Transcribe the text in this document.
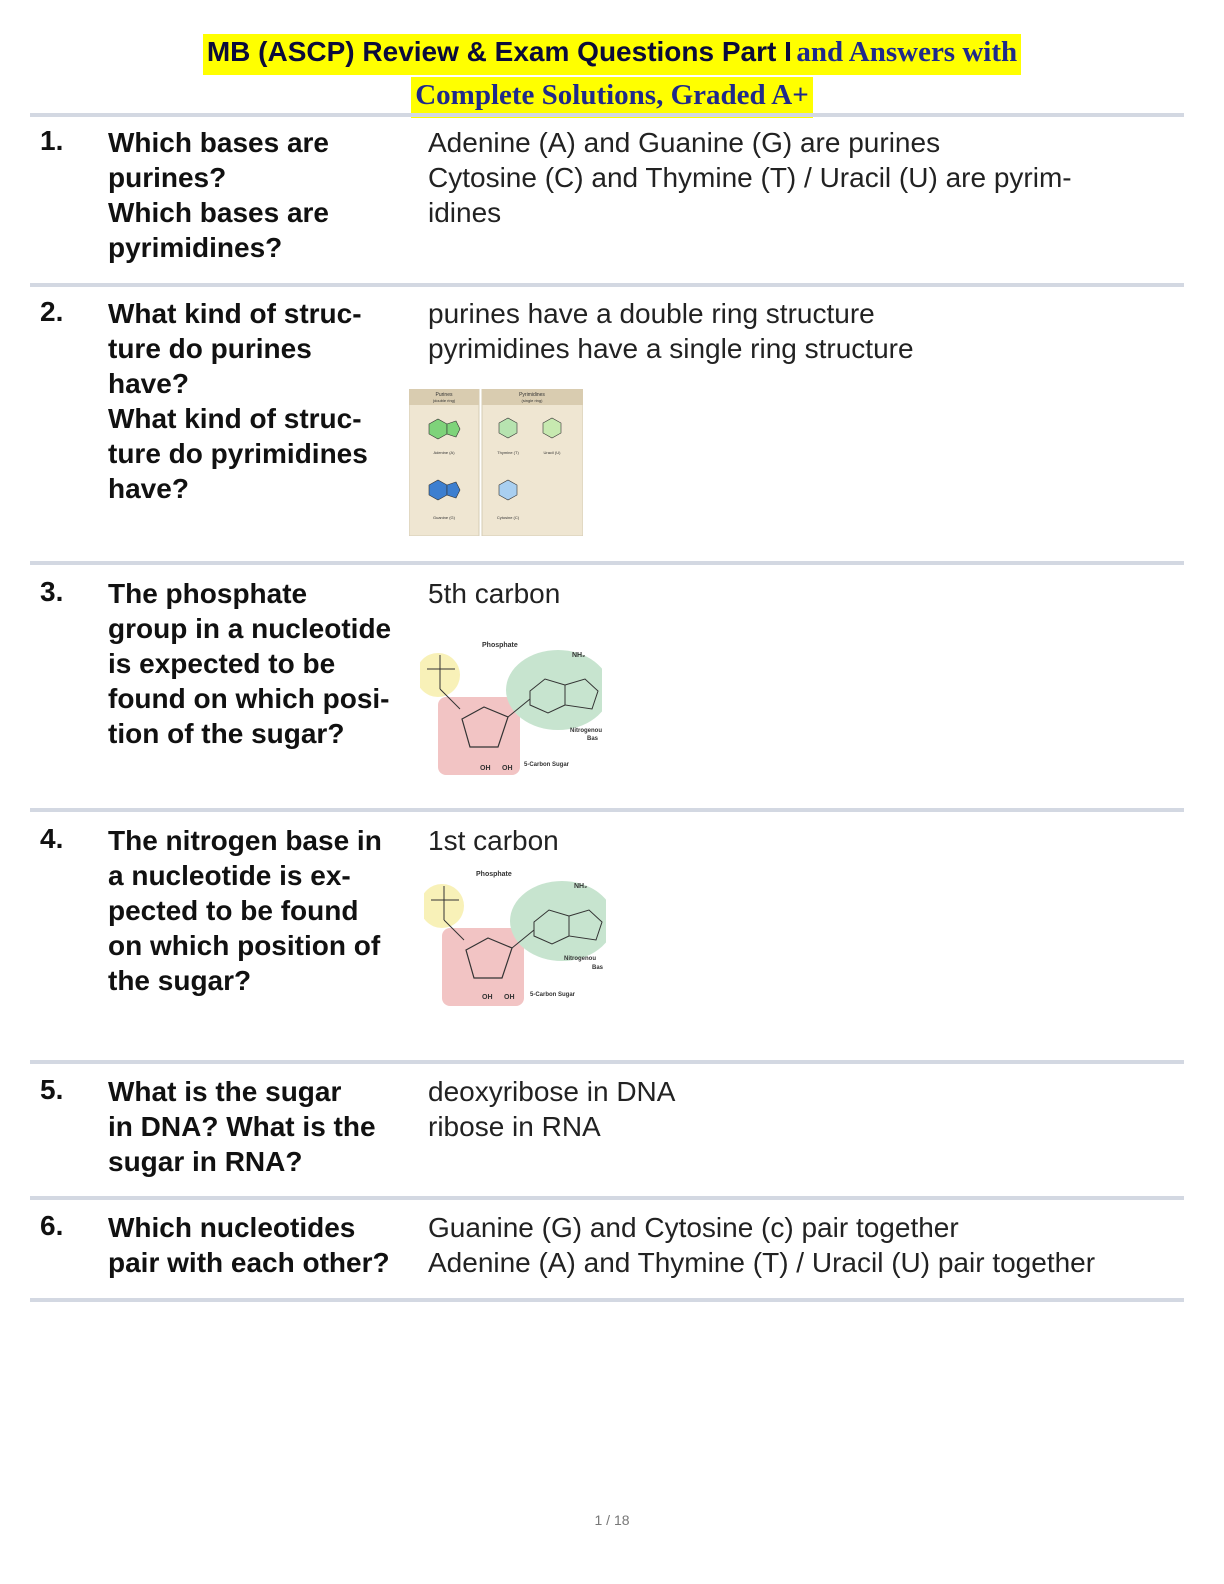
MB (ASCP) Review & Exam Questions Part I and Answers with
Complete Solutions, Graded A+
1. Which bases are
purines?
Which bases are
pyrimidines?
Adenine (A) and Guanine (G) are purines
Cytosine (C) and Thymine (T) / Uracil (U) are pyrim-
idines
2. What kind of struc-
ture do purines
have?
What kind of struc-
ture do pyrimidines
have?
purines have a double ring structure
pyrimidines have a single ring structure
Purines
(double ring)
Pyrimidines
(single ring)
Adenine (A)
Guanine (G)
Thymine (T)	Uracil (U)
Cytosine (C)
3. The phosphate
group in a nucleotide
is expected to be
found on which posi-
tion of the sugar?
5th carbon
Phosphate
NH₂
OH OH 5-Carbon Sugar
Nitrogenou
Bas
4. The nitrogen base in
a nucleotide is ex-
pected to be found
on which position of
the sugar?
1st carbon
Phosphate
NH₂
OH OH	5-Carbon Sugar
Nitrogenou
Bas
5. What is the sugar
in DNA? What is the
sugar in RNA?
deoxyribose in DNA
ribose in RNA
6. Which nucleotides
pair with each other?
Guanine (G) and Cytosine (c) pair together
Adenine (A) and Thymine (T) / Uracil (U) pair together
1 / 18
